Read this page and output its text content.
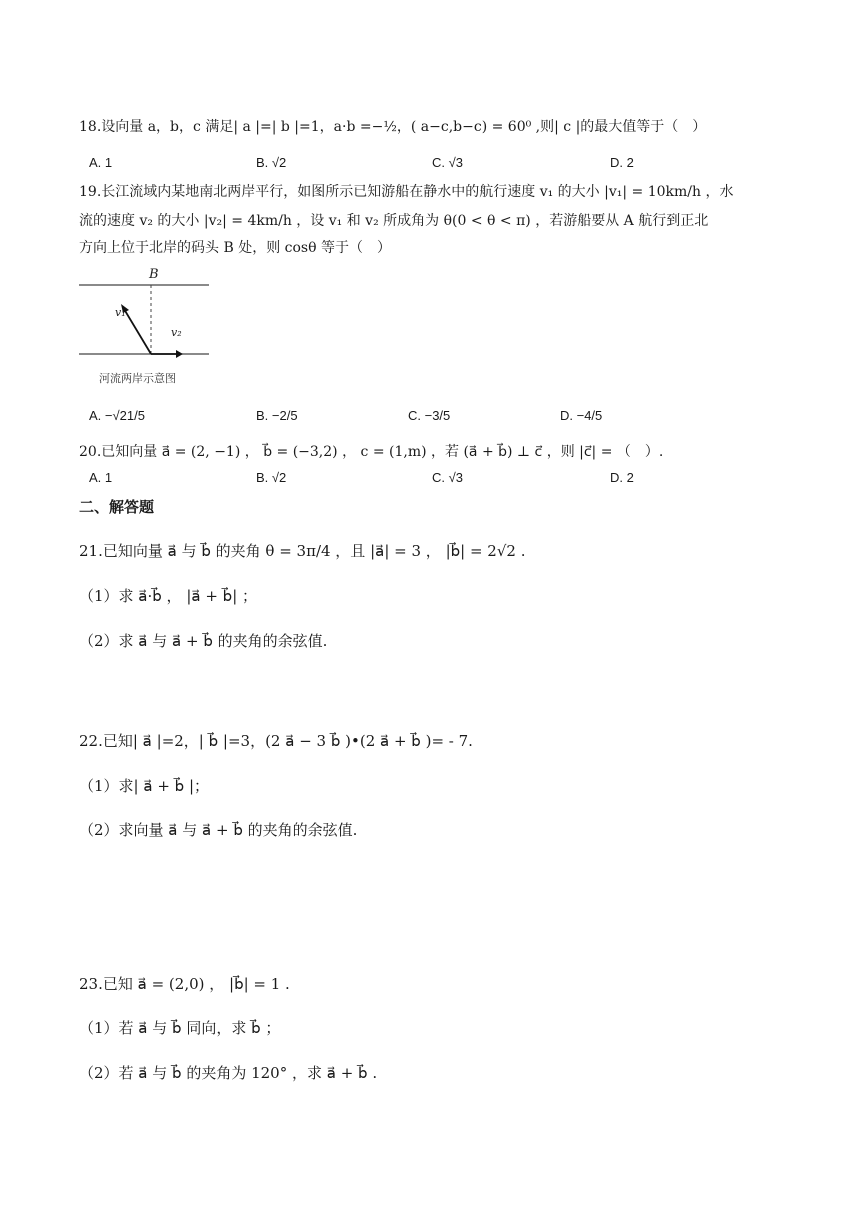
18.设向量 a，b，c 满足| a |=| b |=1，a·b =−½，( a−c,b−c) = 60⁰ ,则| c |的最大值等于（　）
A. 1	B. √2	C. √3	D. 2
19.长江流域内某地南北两岸平行，如图所示已知游船在静水中的航行速度 v₁ 的大小 |v₁| = 10km/h ，水
流的速度 v₂ 的大小 |v₂| = 4km/h ，设 v₁ 和 v₂ 所成角为 θ(0 < θ < π) ，若游船要从 A 航行到正北
方向上位于北岸的码头 B 处，则 cosθ 等于（　）
B
v₁
v₂
河流两岸示意图
A. −√21/5	B. −2/5	C. −3/5	D. −4/5
20.已知向量 a⃗ = (2, −1) ， b⃗ = (−3,2) ， c = (1,m) ，若 (a⃗ + b⃗) ⊥ c⃗ ，则 |c⃗| = （　）.
A. 1	B. √2	C. √3	D. 2
二、解答题
21.已知向量 a⃗ 与 b⃗ 的夹角 θ = 3π/4 ，且 |a⃗| = 3 ， |b⃗| = 2√2 .
（1）求 a⃗·b⃗ ， |a⃗ + b⃗| ；
（2）求 a⃗ 与 a⃗ + b⃗ 的夹角的余弦值.
22.已知| a⃗ |=2，| b⃗ |=3，(2 a⃗ − 3 b⃗ )•(2 a⃗ + b⃗ )= - 7.
（1）求| a⃗ + b⃗ |；
（2）求向量 a⃗ 与 a⃗ + b⃗ 的夹角的余弦值.
23.已知 a⃗ = (2,0) ， |b⃗| = 1 .
（1）若 a⃗ 与 b⃗ 同向，求 b⃗ ；
（2）若 a⃗ 与 b⃗ 的夹角为 120° ，求 a⃗ + b⃗ .
